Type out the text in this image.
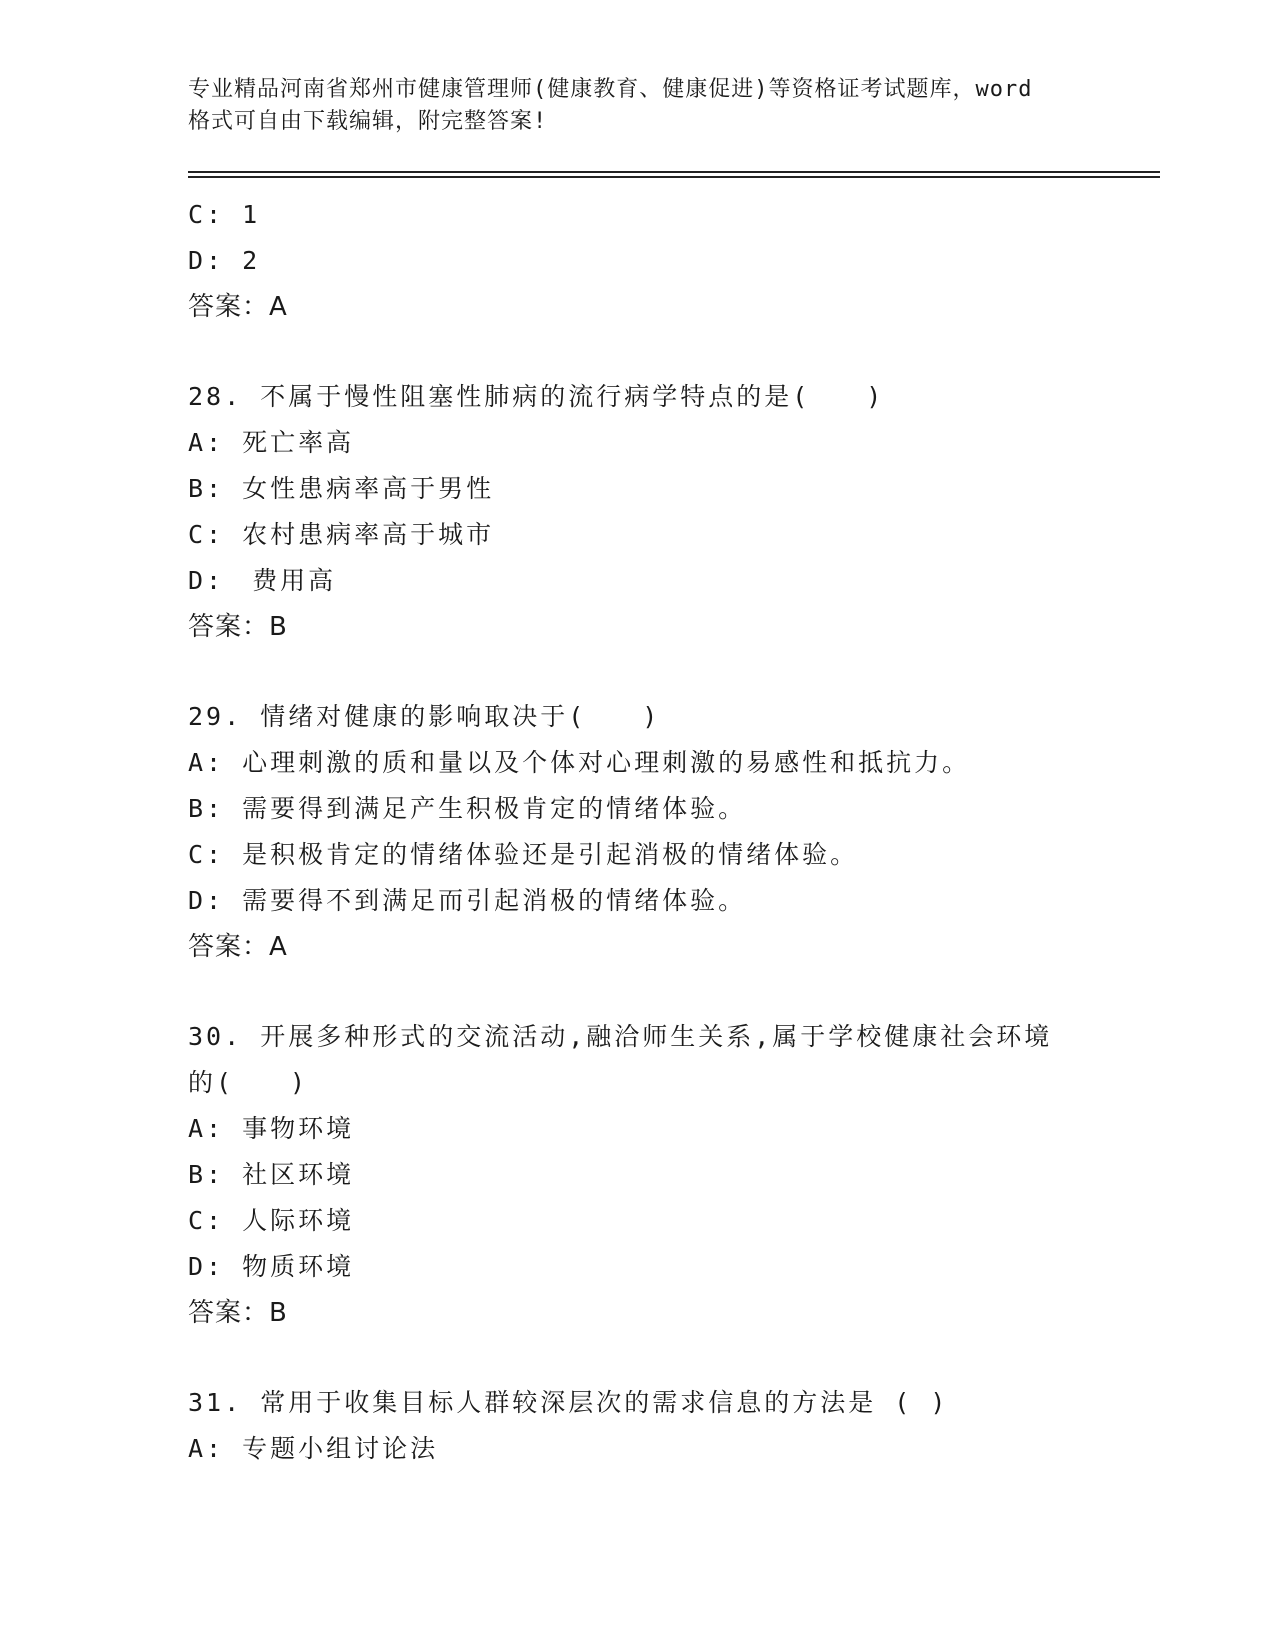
专业精品河南省郑州市健康管理师(健康教育、健康促进)等资格证考试题库，word
格式可自由下载编辑，附完整答案!
C: 1
D: 2
答案：A
28. 不属于慢性阻塞性肺病的流行病学特点的是(　　)
A: 死亡率高
B: 女性患病率高于男性
C: 农村患病率高于城市
D:　费用高
答案：B
29. 情绪对健康的影响取决于(　　)
A: 心理刺激的质和量以及个体对心理刺激的易感性和抵抗力。
B: 需要得到满足产生积极肯定的情绪体验。
C: 是积极肯定的情绪体验还是引起消极的情绪体验。
D: 需要得不到满足而引起消极的情绪体验。
答案：A
30. 开展多种形式的交流活动,融洽师生关系,属于学校健康社会环境
的(　　)
A: 事物环境
B: 社区环境
C: 人际环境
D: 物质环境
答案：B
31. 常用于收集目标人群较深层次的需求信息的方法是 ( )
A: 专题小组讨论法
